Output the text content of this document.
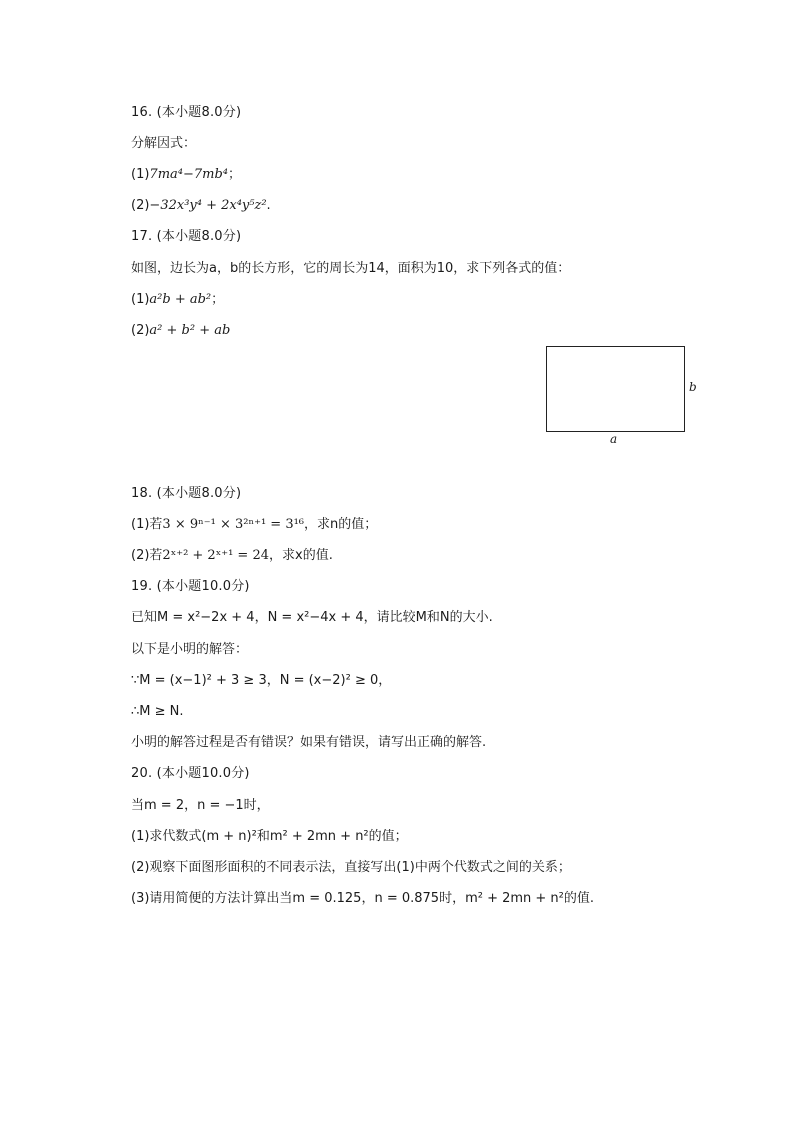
16. (本小题8.0分)
分解因式：
(1)7ma⁴−7mb⁴；
(2)−32x³y⁴ + 2x⁴y⁵z².
17. (本小题8.0分)
如图，边长为a，b的长方形，它的周长为14，面积为10，求下列各式的值：
(1)a²b + ab²；
(2)a² + b² + ab
b
a
18. (本小题8.0分)
(1)若3 × 9ⁿ⁻¹ × 3²ⁿ⁺¹ = 3¹⁶，求n的值；
(2)若2ˣ⁺² + 2ˣ⁺¹ = 24，求x的值.
19. (本小题10.0分)
已知M = x²−2x + 4，N = x²−4x + 4，请比较M和N的大小.
以下是小明的解答：
∵M = (x−1)² + 3 ≥ 3，N = (x−2)² ≥ 0，
∴M ≥ N.
小明的解答过程是否有错误？如果有错误，请写出正确的解答.
20. (本小题10.0分)
当m = 2，n = −1时，
(1)求代数式(m + n)²和m² + 2mn + n²的值；
(2)观察下面图形面积的不同表示法，直接写出(1)中两个代数式之间的关系；
(3)请用简便的方法计算出当m = 0.125，n = 0.875时，m² + 2mn + n²的值.
